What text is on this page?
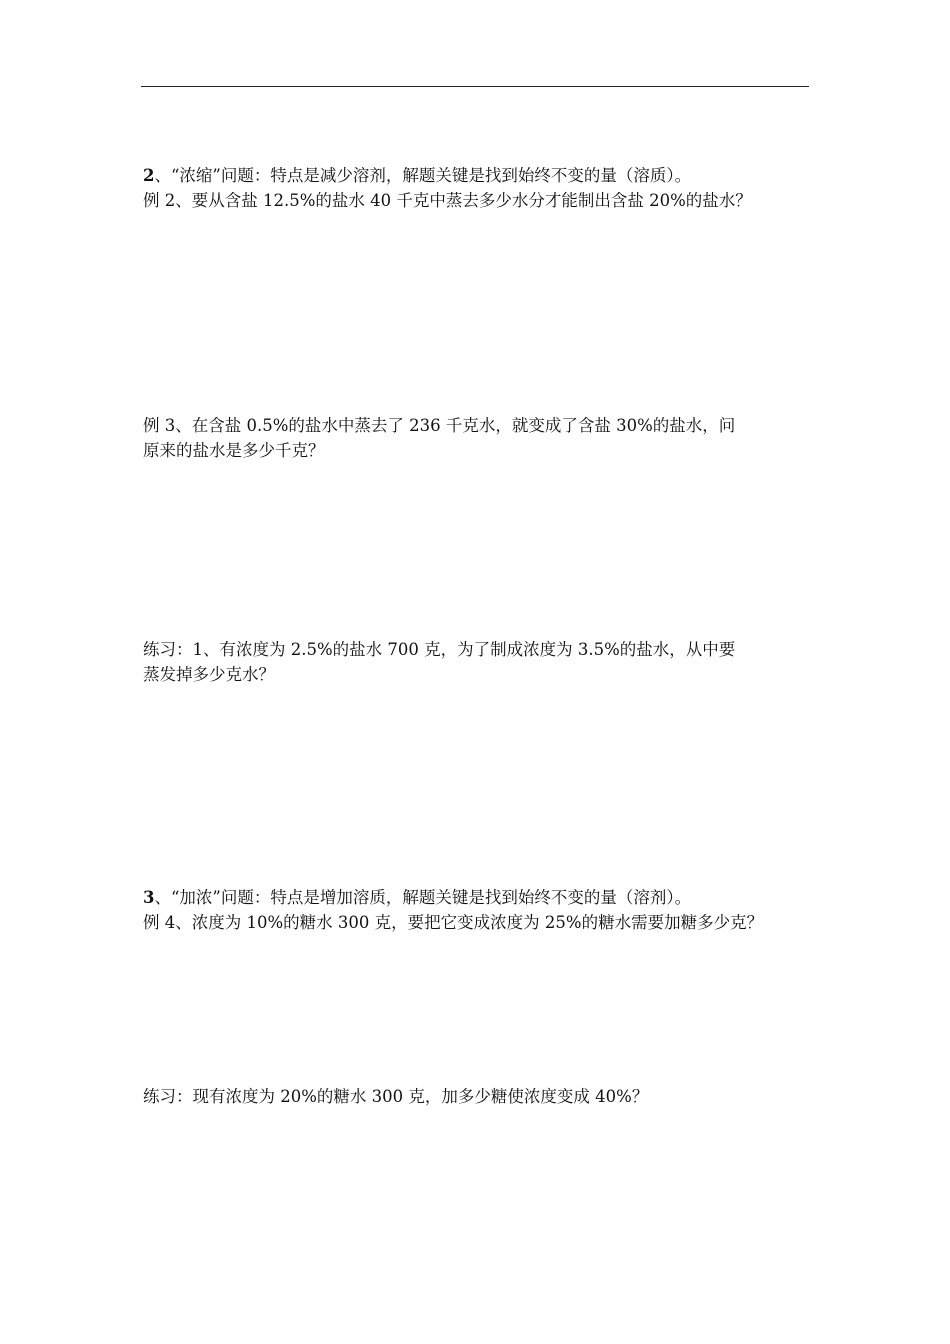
2、“浓缩”问题：特点是减少溶剂，解题关键是找到始终不变的量（溶质）。
例 2、要从含盐 12.5%的盐水 40 千克中蒸去多少水分才能制出含盐 20%的盐水？
例 3、在含盐 0.5%的盐水中蒸去了 236 千克水，就变成了含盐 30%的盐水，问
原来的盐水是多少千克？
练习：1、有浓度为 2.5%的盐水 700 克，为了制成浓度为 3.5%的盐水，从中要
蒸发掉多少克水？
3、“加浓”问题：特点是增加溶质，解题关键是找到始终不变的量（溶剂）。
例 4、浓度为 10%的糖水 300 克，要把它变成浓度为 25%的糖水需要加糖多少克？
练习：现有浓度为 20%的糖水 300 克，加多少糖使浓度变成 40%？
